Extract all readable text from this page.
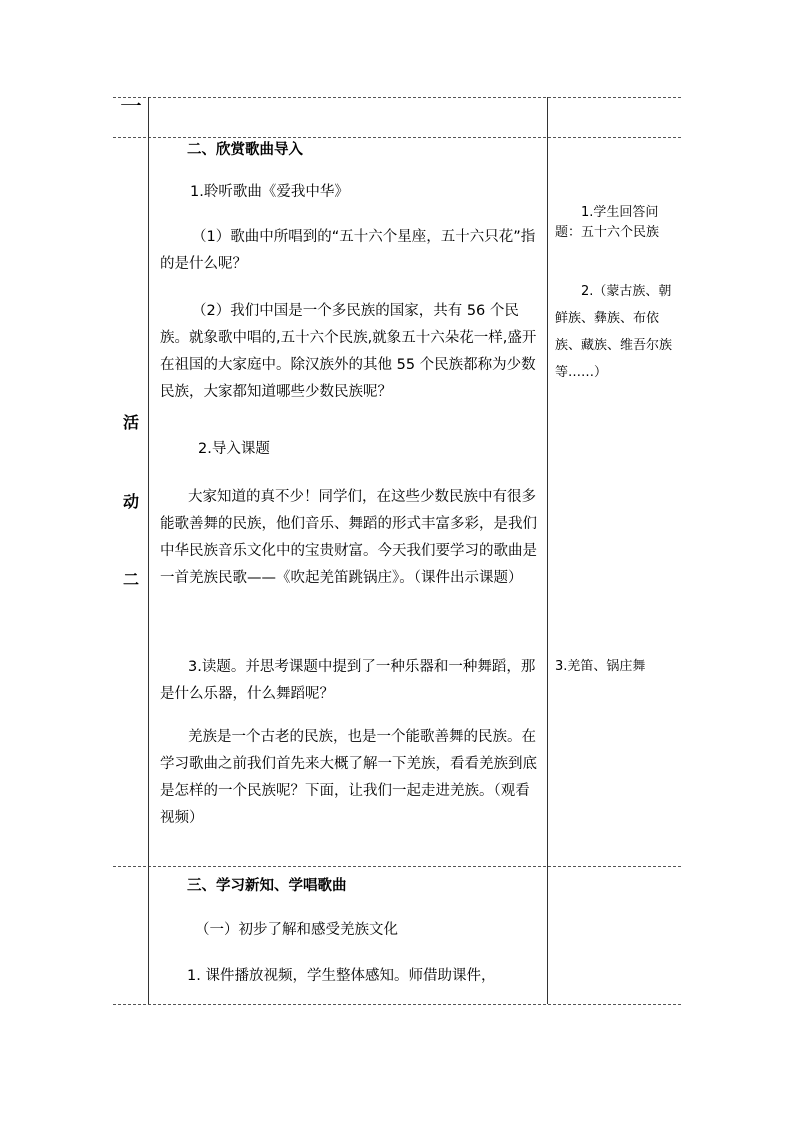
一
活
动
二

二、欣赏歌曲导入

1.聆听歌曲《爱我中华》

（1）歌曲中所唱到的“五十六个星座，五十六只花”指的是什么呢？

（2）我们中国是一个多民族的国家，共有 56 个民族。就象歌中唱的,五十六个民族,就象五十六朵花一样,盛开在祖国的大家庭中。除汉族外的其他 55 个民族都称为少数民族，大家都知道哪些少数民族呢？

2.导入课题

大家知道的真不少！同学们，在这些少数民族中有很多能歌善舞的民族，他们音乐、舞蹈的形式丰富多彩，是我们中华民族音乐文化中的宝贵财富。今天我们要学习的歌曲是一首羌族民歌——《吹起羌笛跳锅庄》。（课件出示课题）

3.读题。并思考课题中提到了一种乐器和一种舞蹈，那是什么乐器，什么舞蹈呢？

羌族是一个古老的民族，也是一个能歌善舞的民族。在学习歌曲之前我们首先来大概了解一下羌族，看看羌族到底是怎样的一个民族呢？下面，让我们一起走进羌族。（观看视频）

1.学生回答问题：五十六个民族

2.（蒙古族、朝鲜族、彝族、布依族、藏族、维吾尔族等……）

3.羌笛、锅庄舞

三、学习新知、学唱歌曲

（一）初步了解和感受羌族文化

1. 课件播放视频，学生整体感知。师借助课件，
